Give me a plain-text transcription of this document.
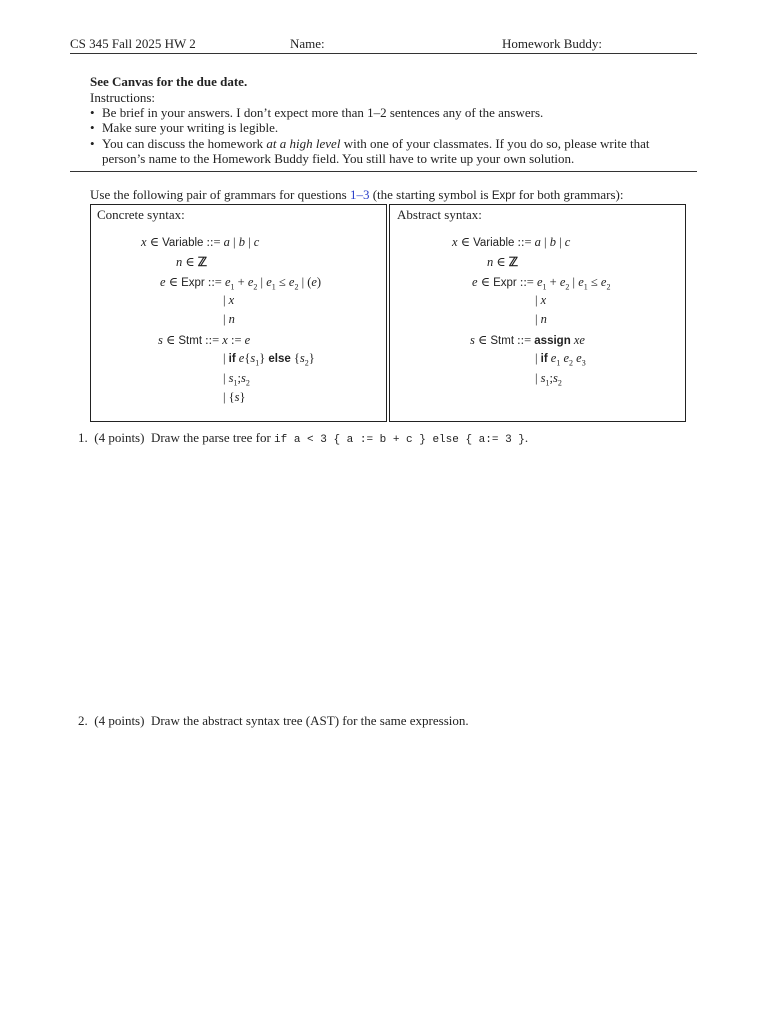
CS 345 Fall 2025 HW 2	Name:	Homework Buddy:
See Canvas for the due date.
Instructions:
• Be brief in your answers. I don’t expect more than 1–2 sentences any of the answers.
• Make sure your writing is legible.
• You can discuss the homework at a high level with one of your classmates. If you do so, please write that
person’s name to the Homework Buddy field. You still have to write up your own solution.
Use the following pair of grammars for questions 1–3 (the starting symbol is Expr for both grammars):
Concrete syntax:
x ∈ Variable ::= a | b | c
n ∈ ℤ
e ∈ Expr ::= $e_1 + e_2$ | $e_1 \le e_2$ | (e)
| x
| n
s ∈ Stmt ::= x := e
| if $e\{s_1\}$ else $\{s_2\}$
| $s_1;s_2$
| {s}
Abstract syntax:
x ∈ Variable ::= a | b | c
n ∈ ℤ
e ∈ Expr ::= $e_1 + e_2$ | $e_1 \le e_2$
| x
| n
s ∈ Stmt ::= assign xe
| if $e_1$ $e_2$ $e_3$
| $s_1;s_2$
1. (4 points) Draw the parse tree for if a < 3 { a := b + c } else { a:= 3 }.
2. (4 points) Draw the abstract syntax tree (AST) for the same expression.
